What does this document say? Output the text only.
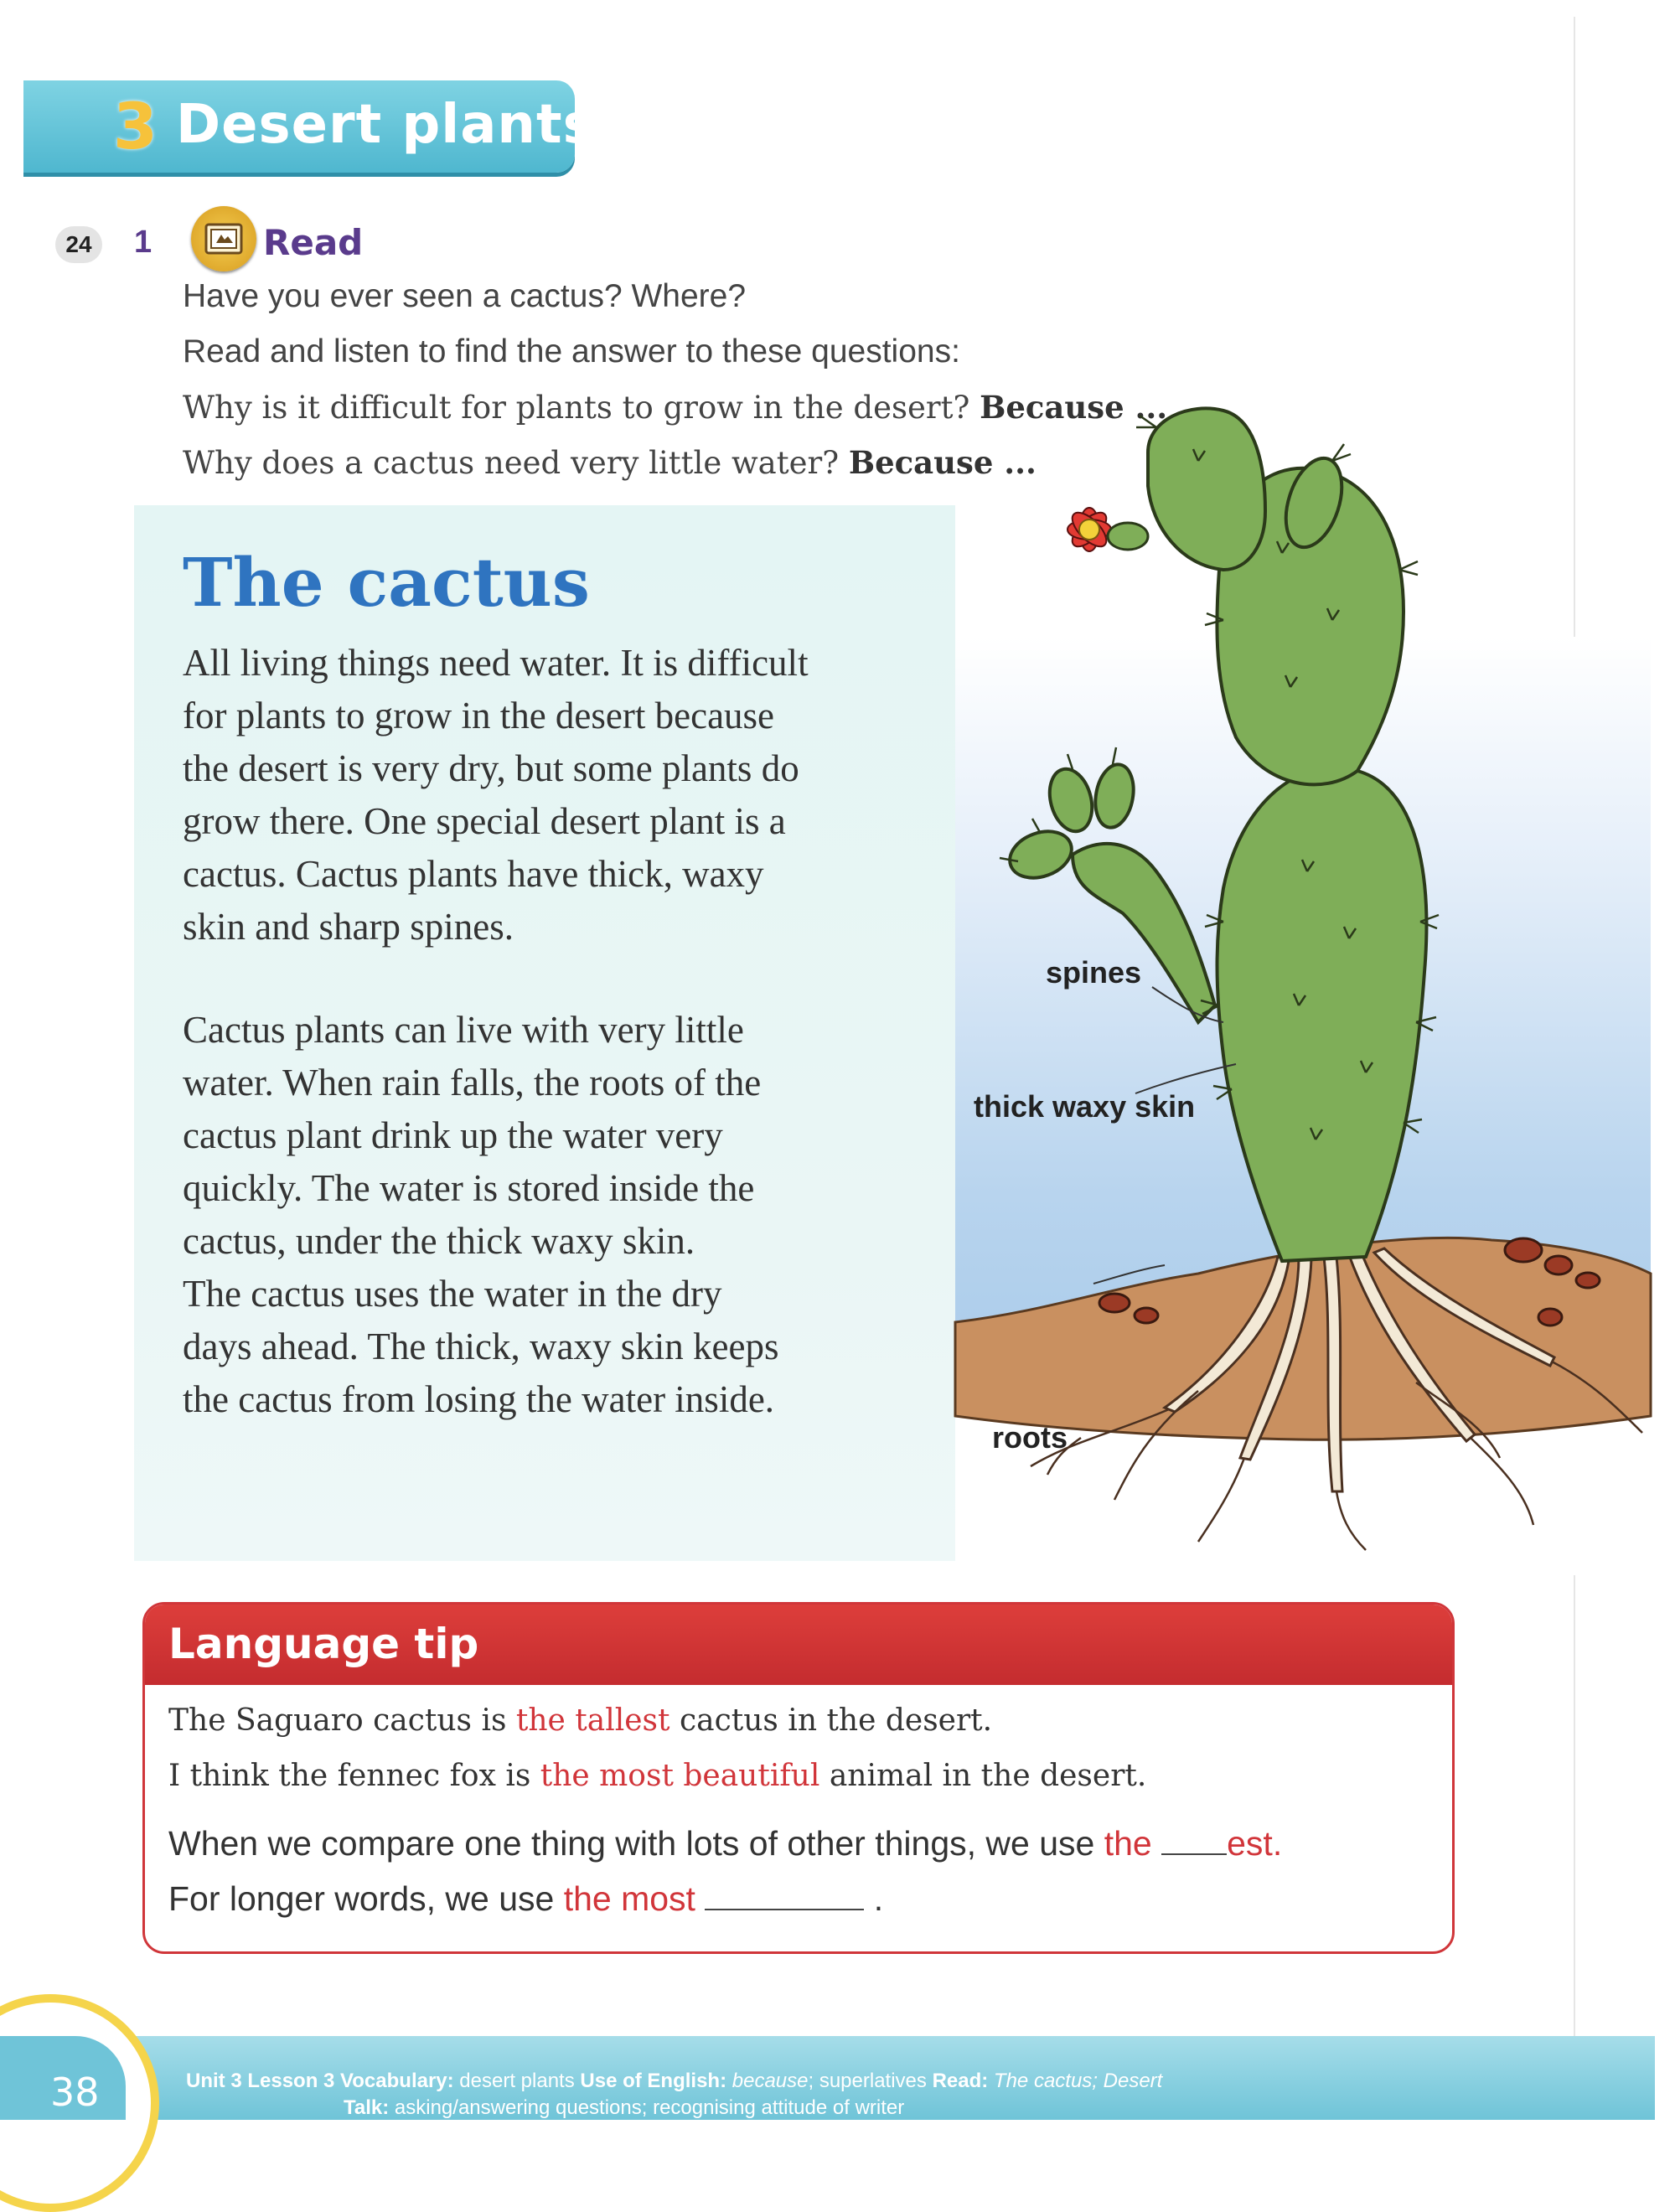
3 Desert plants
24	1	Read
Have you ever seen a cactus? Where?
Read and listen to find the answer to these questions:
Why is it difficult for plants to grow in the desert? Because ...
Why does a cactus need very little water? Because ...
The cactus
All living things need water. It is difficult
for plants to grow in the desert because
the desert is very dry, but some plants do
grow there. One special desert plant is a
cactus. Cactus plants have thick, waxy
skin and sharp spines.
Cactus plants can live with very little
water. When rain falls, the roots of the
cactus plant drink up the water very
quickly. The water is stored inside the
cactus, under the thick waxy skin.
The cactus uses the water in the dry
days ahead. The thick, waxy skin keeps
the cactus from losing the water inside.
spines
thick waxy skin
roots
Language tip
The Saguaro cactus is the tallest cactus in the desert.
I think the fennec fox is the most beautiful animal in the desert.
When we compare one thing with lots of other things, we use the est.
For longer words, we use the most	.
38	Unit 3 Lesson 3 Vocabulary: desert plants Use of English: because; superlatives Read: The cactus; Desert
Talk: asking/answering questions; recognising attitude of writer
